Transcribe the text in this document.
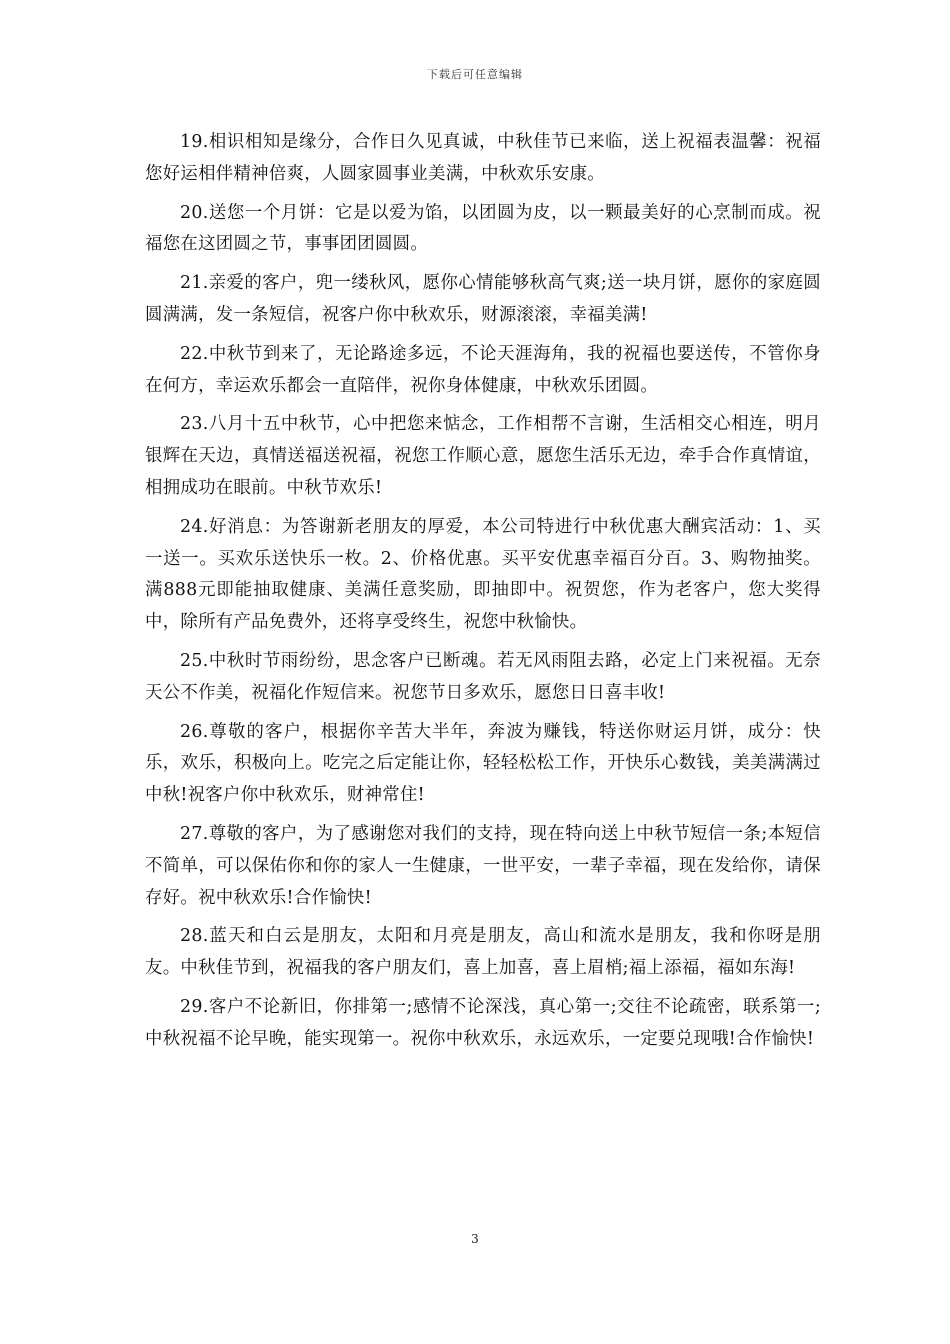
下载后可任意编辑

19.相识相知是缘分，合作日久见真诚，中秋佳节已来临，送上祝福表温馨：祝福您好运相伴精神倍爽，人圆家圆事业美满，中秋欢乐安康。

20.送您一个月饼：它是以爱为馅，以团圆为皮，以一颗最美好的心烹制而成。祝福您在这团圆之节，事事团团圆圆。

21.亲爱的客户，兜一缕秋风，愿你心情能够秋高气爽;送一块月饼，愿你的家庭圆圆满满，发一条短信，祝客户你中秋欢乐，财源滚滚，幸福美满!

22.中秋节到来了，无论路途多远，不论天涯海角，我的祝福也要送传，不管你身在何方，幸运欢乐都会一直陪伴，祝你身体健康，中秋欢乐团圆。

23.八月十五中秋节，心中把您来惦念，工作相帮不言谢，生活相交心相连，明月银辉在天边，真情送福送祝福，祝您工作顺心意，愿您生活乐无边，牵手合作真情谊，相拥成功在眼前。中秋节欢乐!

24.好消息：为答谢新老朋友的厚爱，本公司特进行中秋优惠大酬宾活动：1、买一送一。买欢乐送快乐一枚。2、价格优惠。买平安优惠幸福百分百。3、购物抽奖。满888元即能抽取健康、美满任意奖励，即抽即中。祝贺您，作为老客户，您大奖得中，除所有产品免费外，还将享受终生，祝您中秋愉快。

25.中秋时节雨纷纷，思念客户已断魂。若无风雨阻去路，必定上门来祝福。无奈天公不作美，祝福化作短信来。祝您节日多欢乐，愿您日日喜丰收!

26.尊敬的客户，根据你辛苦大半年，奔波为赚钱，特送你财运月饼，成分：快乐，欢乐，积极向上。吃完之后定能让你，轻轻松松工作，开快乐心数钱，美美满满过中秋!祝客户你中秋欢乐，财神常住!

27.尊敬的客户，为了感谢您对我们的支持，现在特向送上中秋节短信一条;本短信不简单，可以保佑你和你的家人一生健康，一世平安，一辈子幸福，现在发给你，请保存好。祝中秋欢乐!合作愉快!

28.蓝天和白云是朋友，太阳和月亮是朋友，高山和流水是朋友，我和你呀是朋友。中秋佳节到，祝福我的客户朋友们，喜上加喜，喜上眉梢;福上添福，福如东海!

29.客户不论新旧，你排第一;感情不论深浅，真心第一;交往不论疏密，联系第一;中秋祝福不论早晚，能实现第一。祝你中秋欢乐，永远欢乐，一定要兑现哦!合作愉快!

3
